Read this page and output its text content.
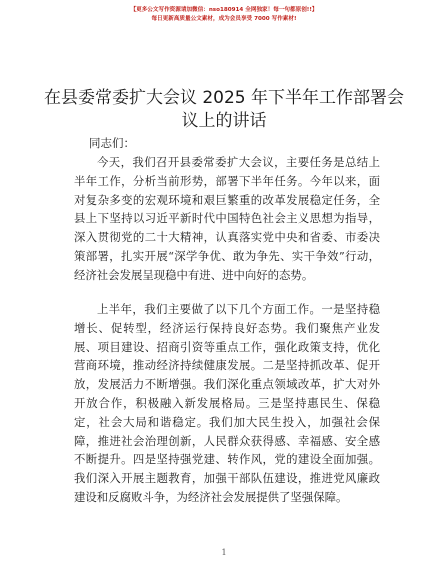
【更多公文写作资源请加微信：nso180914 全网独家！每一句都原创!!】
每日更新高质量公文素材，成为会员享受 7000 写作素材!
在县委常委扩大会议 2025 年下半年工作部署会议上的讲话
同志们：
今天，我们召开县委常委扩大会议，主要任务是总结上半年工作，分析当前形势，部署下半年任务。今年以来，面对复杂多变的宏观环境和艰巨繁重的改革发展稳定任务，全县上下坚持以习近平新时代中国特色社会主义思想为指导，深入贯彻党的二十大精神，认真落实党中央和省委、市委决策部署，扎实开展“深学争优、敢为争先、实干争效”行动，经济社会发展呈现稳中有进、进中向好的态势。
上半年，我们主要做了以下几个方面工作。一是坚持稳增长、促转型，经济运行保持良好态势。我们聚焦产业发展、项目建设、招商引资等重点工作，强化政策支持，优化营商环境，推动经济持续健康发展。二是坚持抓改革、促开放，发展活力不断增强。我们深化重点领域改革，扩大对外开放合作，积极融入新发展格局。三是坚持惠民生、保稳定，社会大局和谐稳定。我们加大民生投入，加强社会保障，推进社会治理创新，人民群众获得感、幸福感、安全感不断提升。四是坚持强党建、转作风，党的建设全面加强。我们深入开展主题教育，加强干部队伍建设，推进党风廉政建设和反腐败斗争，为经济社会发展提供了坚强保障。
1
